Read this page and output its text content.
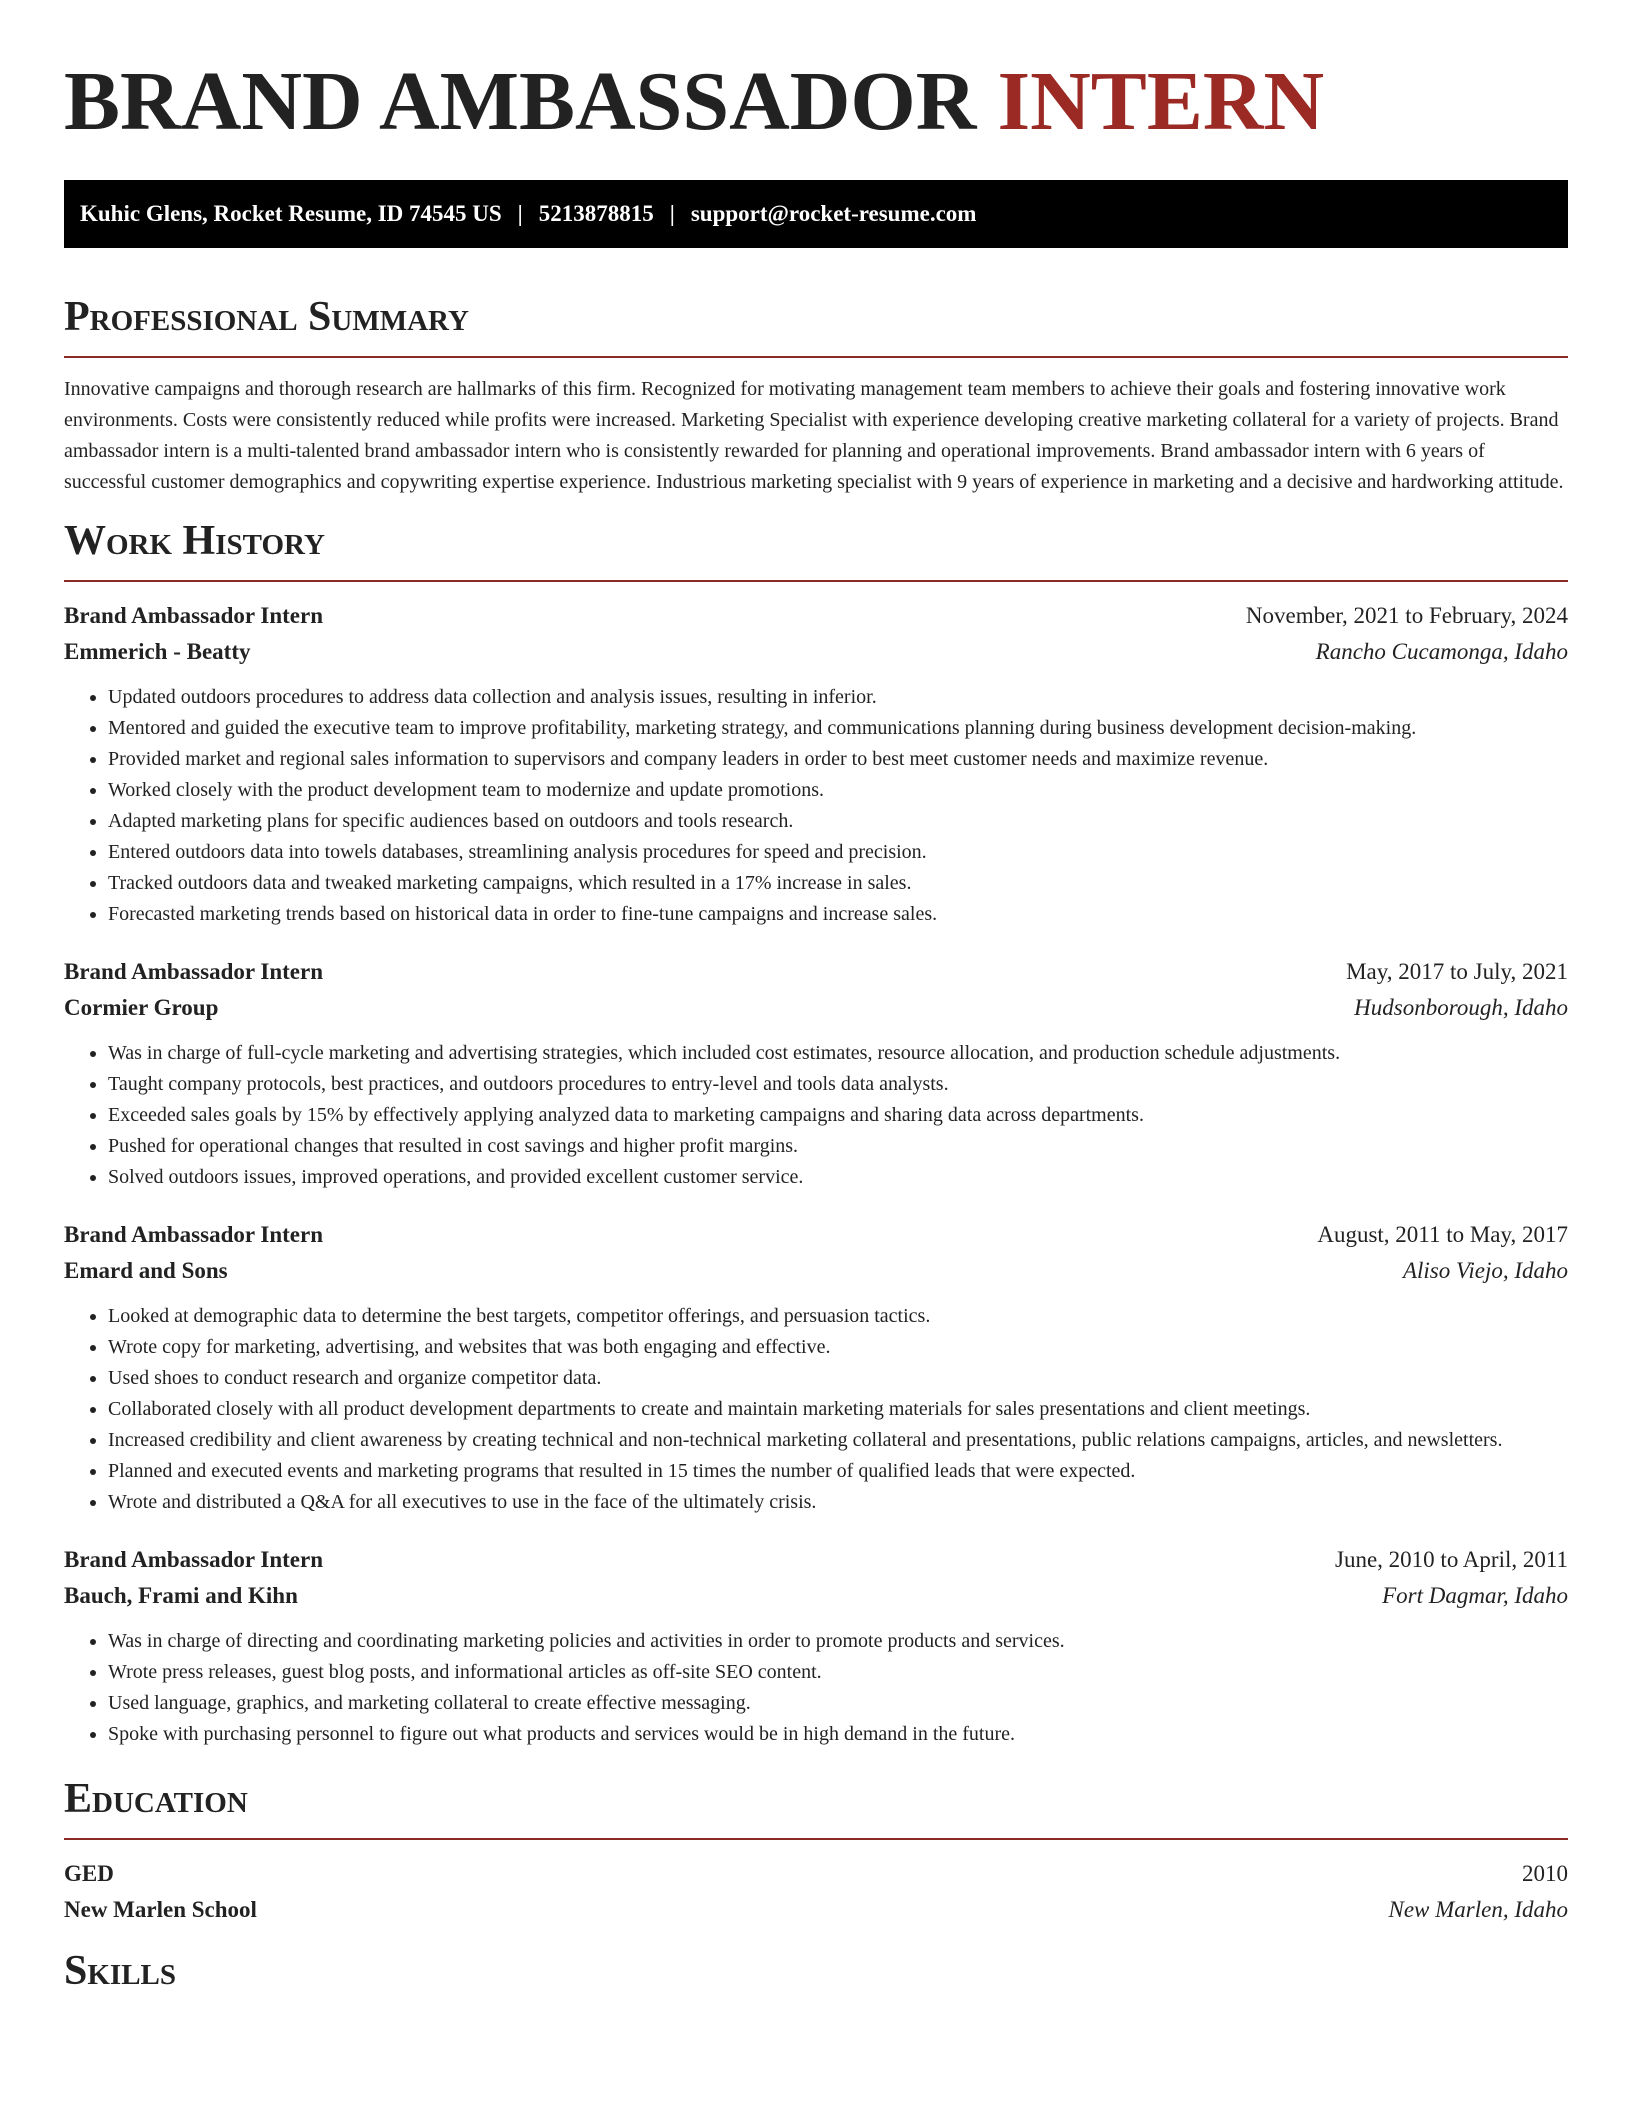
BRAND AMBASSADOR INTERN
Kuhic Glens, Rocket Resume, ID 74545 US | 5213878815 | support@rocket-resume.com
Professional Summary

Innovative campaigns and thorough research are hallmarks of this firm. Recognized for motivating management team members to achieve their goals and fostering innovative work environments. Costs were consistently reduced while profits were increased. Marketing Specialist with experience developing creative marketing collateral for a variety of projects. Brand ambassador intern is a multi-talented brand ambassador intern who is consistently rewarded for planning and operational improvements. Brand ambassador intern with 6 years of successful customer demographics and copywriting expertise experience. Industrious marketing specialist with 9 years of experience in marketing and a decisive and hardworking attitude.

Work History
Brand Ambassador Intern	November, 2021 to February, 2024
Emmerich - Beatty	Rancho Cucamonga, Idaho
• Updated outdoors procedures to address data collection and analysis issues, resulting in inferior.
• Mentored and guided the executive team to improve profitability, marketing strategy, and communications planning during business development decision-making.
• Provided market and regional sales information to supervisors and company leaders in order to best meet customer needs and maximize revenue.
• Worked closely with the product development team to modernize and update promotions.
• Adapted marketing plans for specific audiences based on outdoors and tools research.
• Entered outdoors data into towels databases, streamlining analysis procedures for speed and precision.
• Tracked outdoors data and tweaked marketing campaigns, which resulted in a 17% increase in sales.
• Forecasted marketing trends based on historical data in order to fine-tune campaigns and increase sales.
Brand Ambassador Intern	May, 2017 to July, 2021
Cormier Group	Hudsonborough, Idaho
• Was in charge of full-cycle marketing and advertising strategies, which included cost estimates, resource allocation, and production schedule adjustments.
• Taught company protocols, best practices, and outdoors procedures to entry-level and tools data analysts.
• Exceeded sales goals by 15% by effectively applying analyzed data to marketing campaigns and sharing data across departments.
• Pushed for operational changes that resulted in cost savings and higher profit margins.
• Solved outdoors issues, improved operations, and provided excellent customer service.
Brand Ambassador Intern	August, 2011 to May, 2017
Emard and Sons	Aliso Viejo, Idaho
• Looked at demographic data to determine the best targets, competitor offerings, and persuasion tactics.
• Wrote copy for marketing, advertising, and websites that was both engaging and effective.
• Used shoes to conduct research and organize competitor data.
• Collaborated closely with all product development departments to create and maintain marketing materials for sales presentations and client meetings.
• Increased credibility and client awareness by creating technical and non-technical marketing collateral and presentations, public relations campaigns, articles, and newsletters.
• Planned and executed events and marketing programs that resulted in 15 times the number of qualified leads that were expected.
• Wrote and distributed a Q&A for all executives to use in the face of the ultimately crisis.
Brand Ambassador Intern	June, 2010 to April, 2011
Bauch, Frami and Kihn	Fort Dagmar, Idaho
• Was in charge of directing and coordinating marketing policies and activities in order to promote products and services.
• Wrote press releases, guest blog posts, and informational articles as off-site SEO content.
• Used language, graphics, and marketing collateral to create effective messaging.
• Spoke with purchasing personnel to figure out what products and services would be in high demand in the future.
Education
GED	2010
New Marlen School	New Marlen, Idaho
Skills
